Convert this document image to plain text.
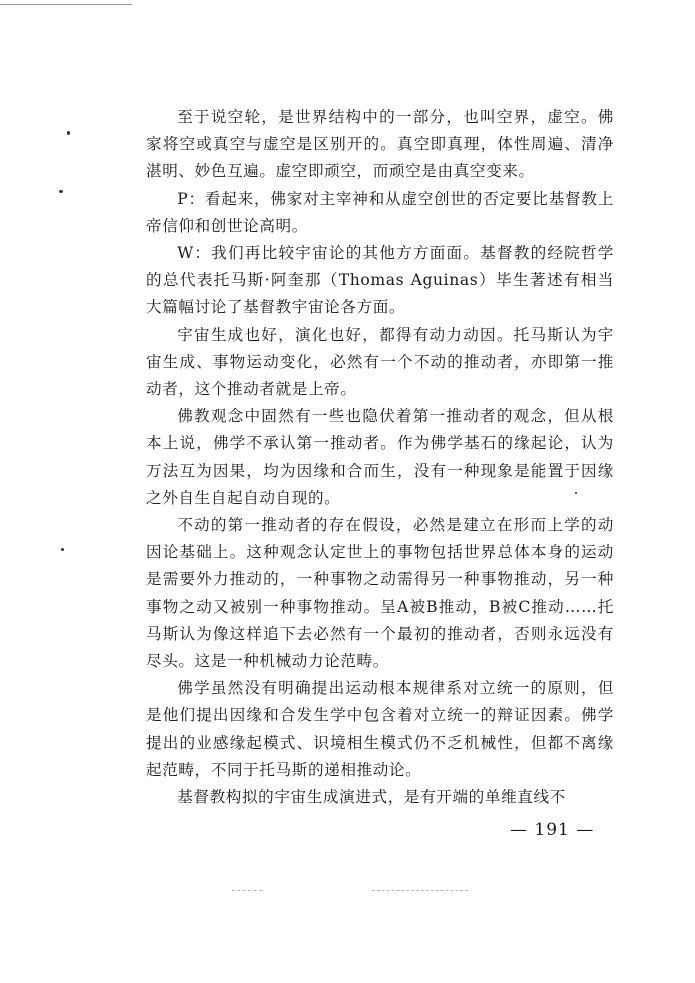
至于说空轮，是世界结构中的一部分，也叫空界，虚空。佛家将空或真空与虚空是区别开的。真空即真理，体性周遍、清净湛明、妙色互遍。虚空即顽空，而顽空是由真空变来。

P：看起来，佛家对主宰神和从虚空创世的否定要比基督教上帝信仰和创世论高明。

W：我们再比较宇宙论的其他方方面面。基督教的经院哲学的总代表托马斯·阿奎那（Thomas Aguinas）毕生著述有相当大篇幅讨论了基督教宇宙论各方面。

宇宙生成也好，演化也好，都得有动力动因。托马斯认为宇宙生成、事物运动变化，必然有一个不动的推动者，亦即第一推动者，这个推动者就是上帝。

佛教观念中固然有一些也隐伏着第一推动者的观念，但从根本上说，佛学不承认第一推动者。作为佛学基石的缘起论，认为万法互为因果，均为因缘和合而生，没有一种现象是能置于因缘之外自生自起自动自现的。

不动的第一推动者的存在假设，必然是建立在形而上学的动因论基础上。这种观念认定世上的事物包括世界总体本身的运动是需要外力推动的，一种事物之动需得另一种事物推动，另一种事物之动又被别一种事物推动。呈A被B推动，B被C推动……托马斯认为像这样追下去必然有一个最初的推动者，否则永远没有尽头。这是一种机械动力论范畴。

佛学虽然没有明确提出运动根本规律系对立统一的原则，但是他们提出因缘和合发生学中包含着对立统一的辩证因素。佛学提出的业感缘起模式、识境相生模式仍不乏机械性，但都不离缘起范畴，不同于托马斯的递相推动论。

基督教构拟的宇宙生成演进式，是有开端的单维直线不

— 191 —
